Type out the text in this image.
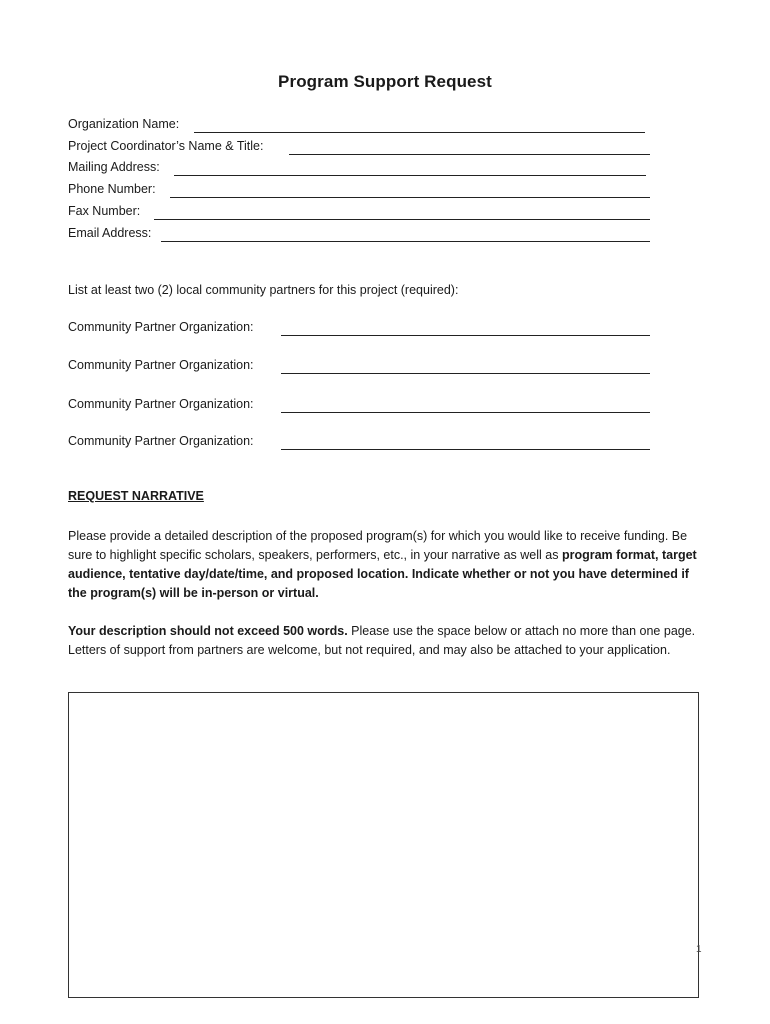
Program Support Request
Organization Name:
Project Coordinator’s Name & Title:
Mailing Address:
Phone Number:
Fax Number:
Email Address:
List at least two (2) local community partners for this project (required):
Community Partner Organization:
Community Partner Organization:
Community Partner Organization:
Community Partner Organization:
REQUEST NARRATIVE
Please provide a detailed description of the proposed program(s) for which you would like to receive funding. Be sure to highlight specific scholars, speakers, performers, etc., in your narrative as well as program format, target audience, tentative day/date/time, and proposed location. Indicate whether or not you have determined if the program(s) will be in-person or virtual.
Your description should not exceed 500 words. Please use the space below or attach no more than one page. Letters of support from partners are welcome, but not required, and may also be attached to your application.
1
